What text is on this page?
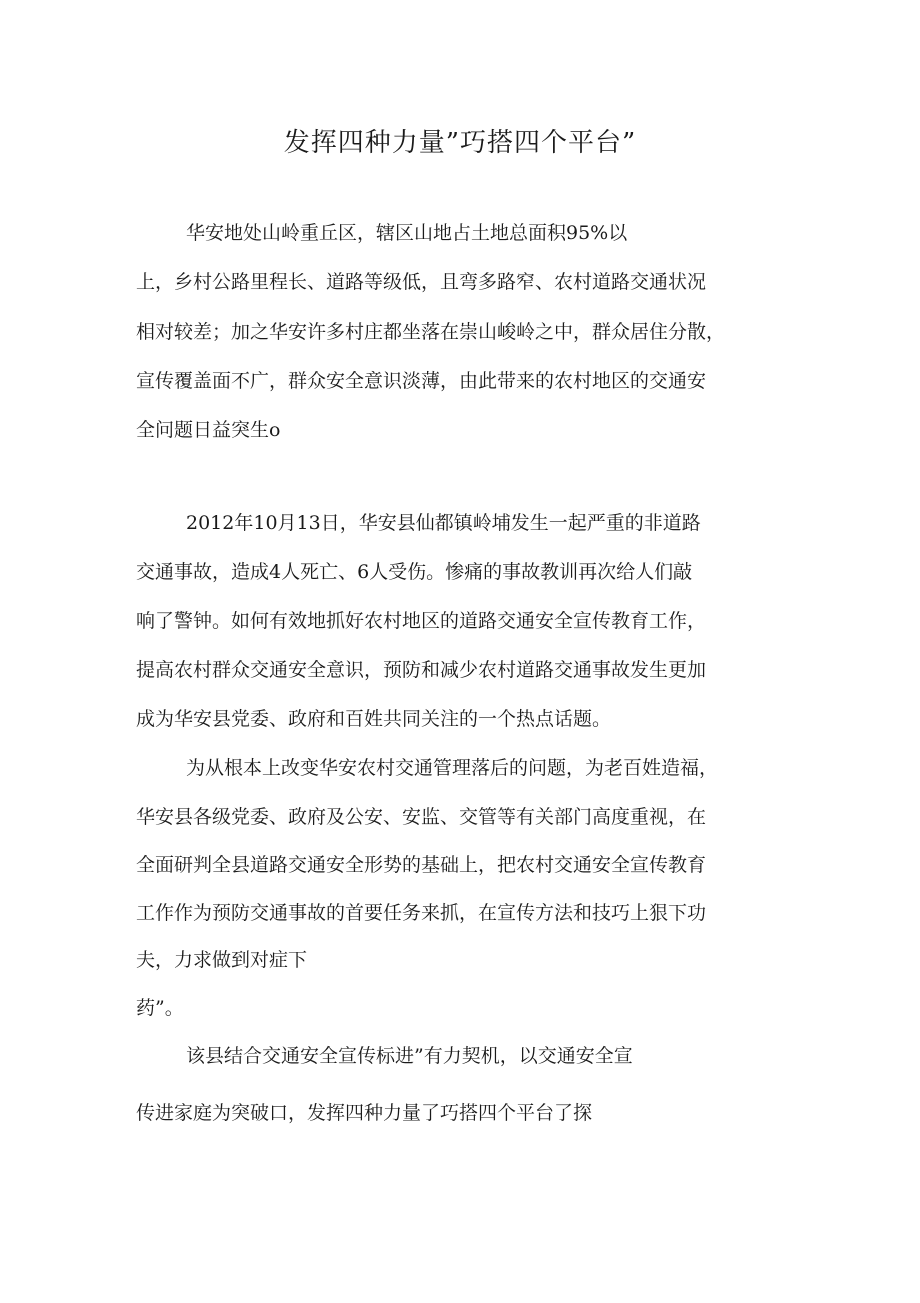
发挥四种力量”巧搭四个平台”

华安地处山岭重丘区，辖区山地占土地总面积95%以

上，乡村公路里程长、道路等级低，且弯多路窄、农村道路交通状况

相对较差；加之华安许多村庄都坐落在崇山峻岭之中，群众居住分散，

宣传覆盖面不广，群众安全意识淡薄，由此带来的农村地区的交通安

全问题日益突生o

2012年10月13日，华安县仙都镇岭埔发生一起严重的非道路

交通事故，造成4人死亡、6人受伤。惨痛的事故教训再次给人们敲

响了警钟。如何有效地抓好农村地区的道路交通安全宣传教育工作，

提高农村群众交通安全意识，预防和减少农村道路交通事故发生更加

成为华安县党委、政府和百姓共同关注的一个热点话题。

为从根本上改变华安农村交通管理落后的问题，为老百姓造福，

华安县各级党委、政府及公安、安监、交管等有关部门高度重视，在

全面研判全县道路交通安全形势的基础上，把农村交通安全宣传教育

工作作为预防交通事故的首要任务来抓，在宣传方法和技巧上狠下功

夫，力求做到对症下

药”。

该县结合交通安全宣传标进”有力契机，以交通安全宣

传进家庭为突破口，发挥四种力量了巧搭四个平台了探
